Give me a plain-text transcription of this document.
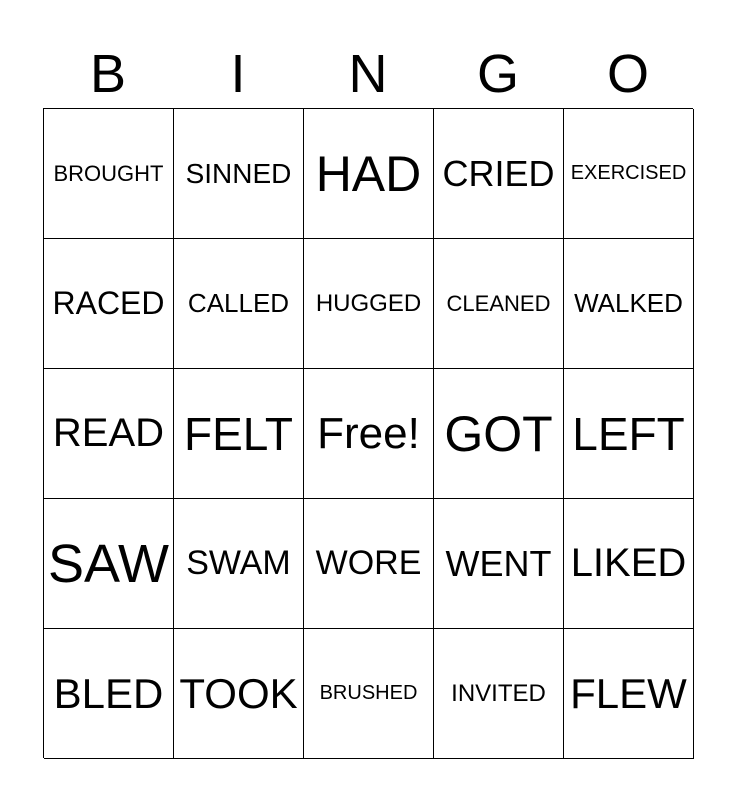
B	I	N	G	O
BROUGHT SINNED HAD CRIED EXERCISED
RACED CALLED	HUGGED	CLEANED WALKED
READ FELT Free! GOT LEFT
SAW SWAM WORE WENT LIKED
BLED TOOK	BRUSHED	INVITED FLEW
